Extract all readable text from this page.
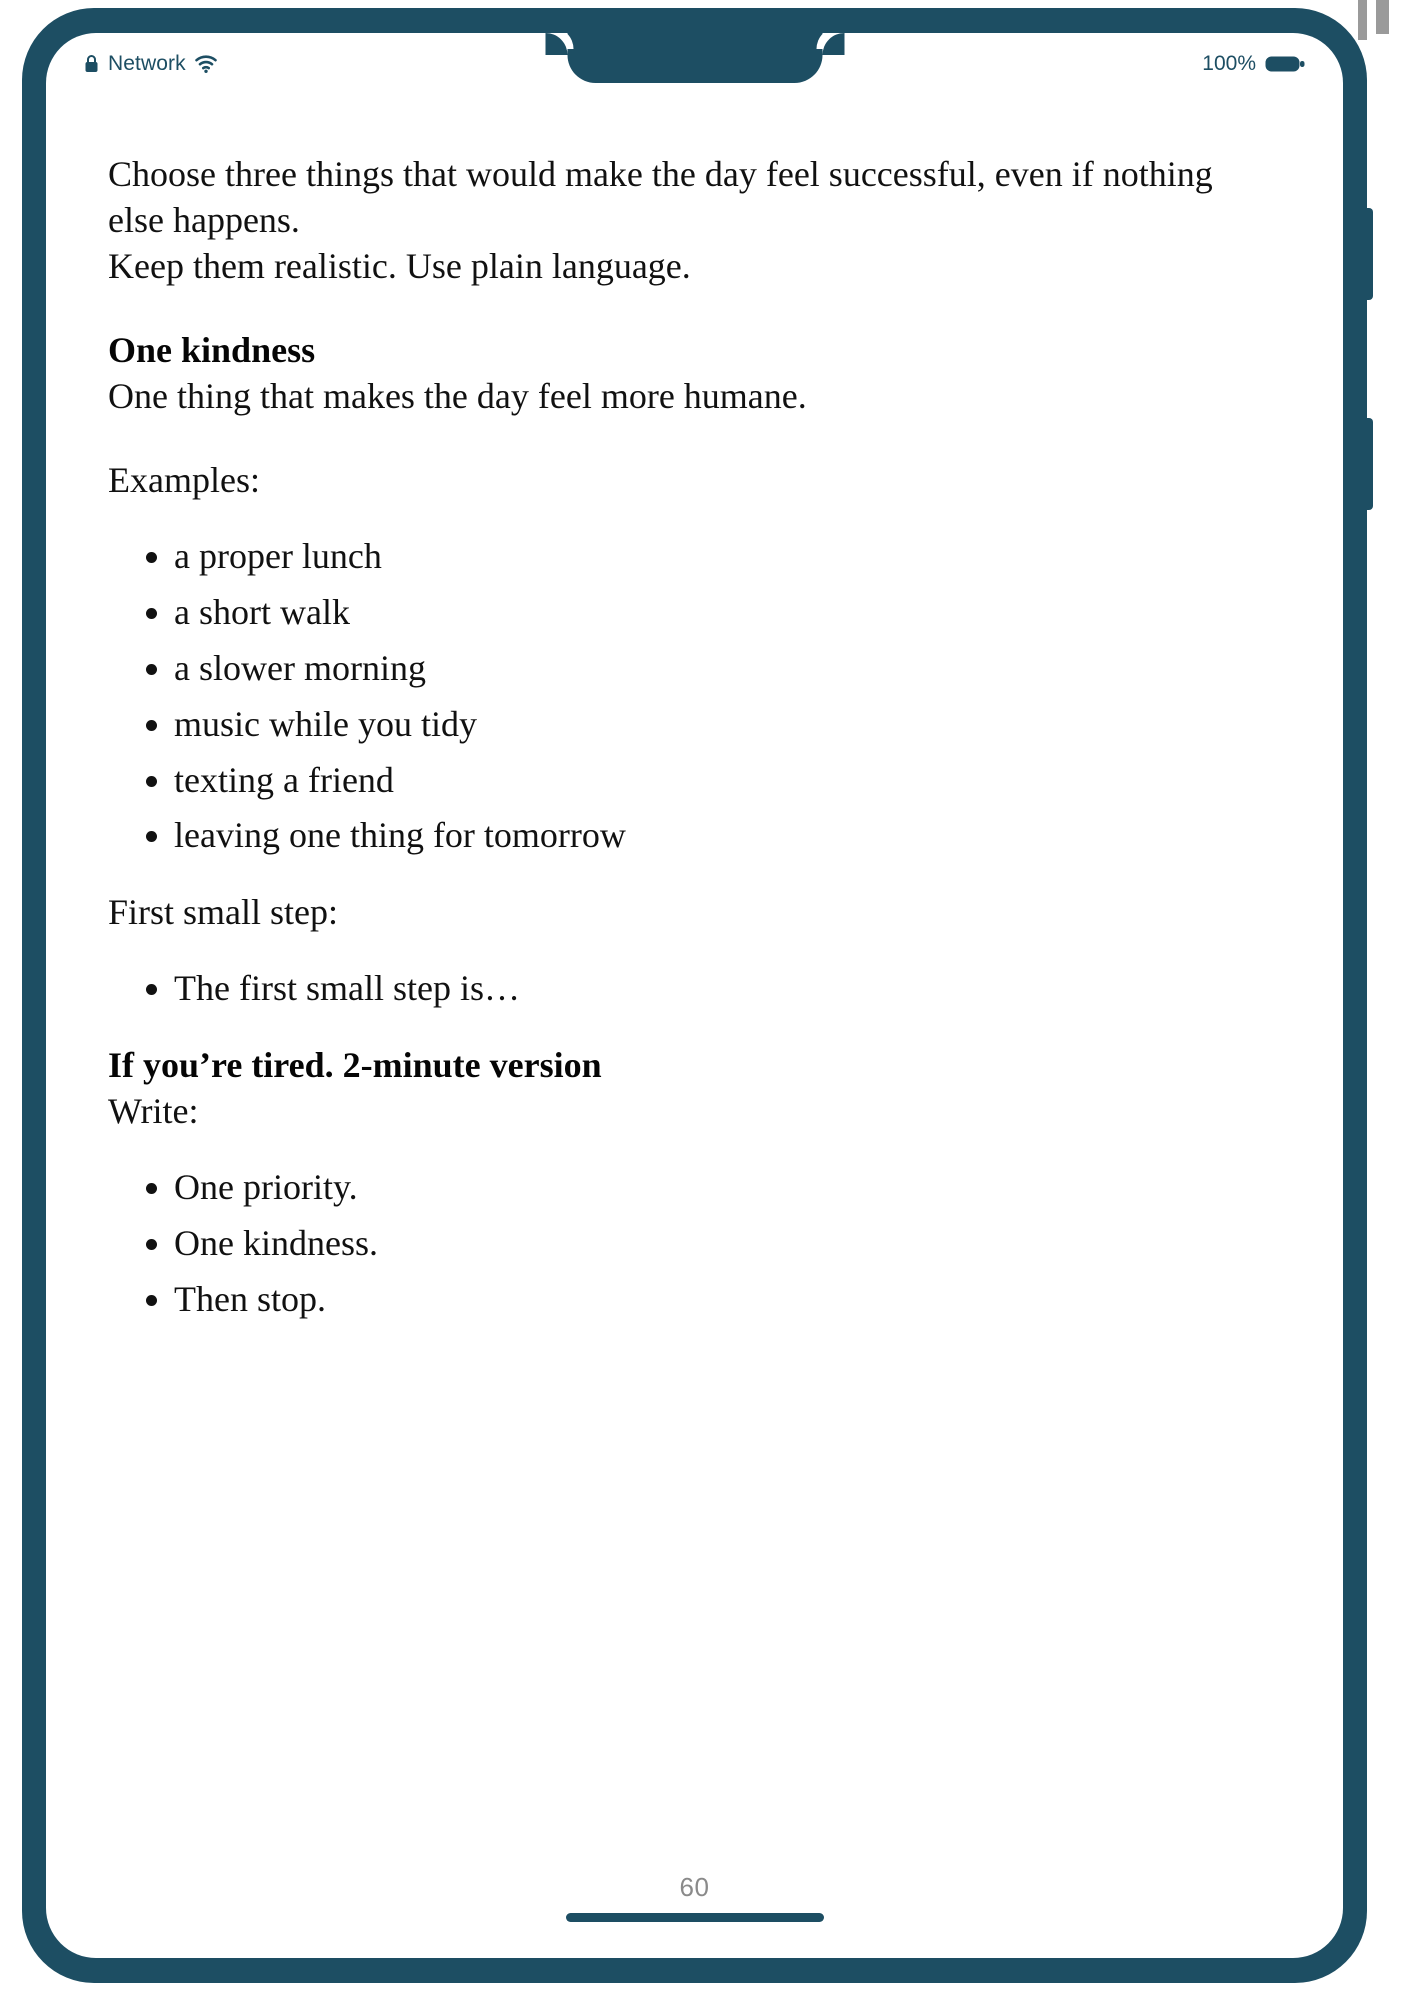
Network	100%

Choose three things that would make the day feel successful, even if nothing else happens.

Keep them realistic. Use plain language.

One kindness

One thing that makes the day feel more humane.

Examples:

• a proper lunch
• a short walk
• a slower morning
• music while you tidy
• texting a friend
• leaving one thing for tomorrow

First small step:

• The first small step is…
If you’re tired. 2-minute version

Write:

• One priority.
• One kindness.
• Then stop.
60
